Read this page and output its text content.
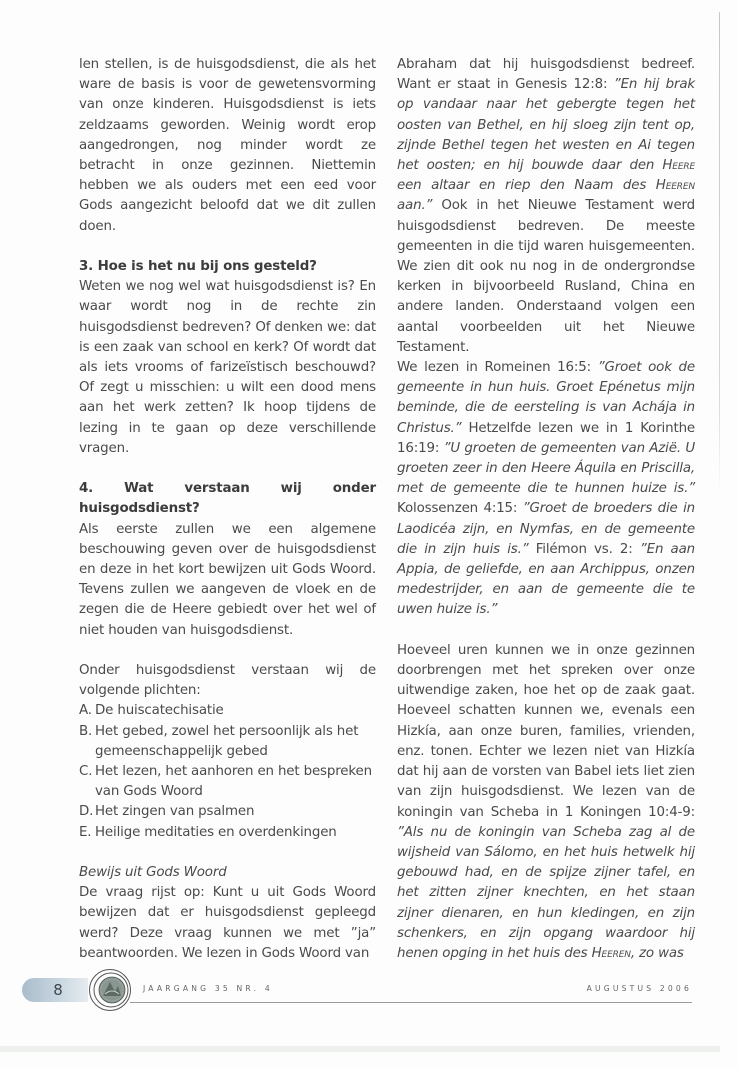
len stellen, is de huisgodsdienst, die als het ware de basis is voor de gewetensvorming van onze kinderen. Huisgodsdienst is iets zeldzaams geworden. Weinig wordt erop aangedrongen, nog minder wordt ze betracht in onze gezinnen. Niettemin hebben we als ouders met een eed voor Gods aangezicht beloofd dat we dit zullen doen.

3. Hoe is het nu bij ons gesteld?

Weten we nog wel wat huisgodsdienst is? En waar wordt nog in de rechte zin huisgodsdienst bedreven? Of denken we: dat is een zaak van school en kerk? Of wordt dat als iets vrooms of farizeïstisch beschouwd? Of zegt u misschien: u wilt een dood mens aan het werk zetten? Ik hoop tijdens de lezing in te gaan op deze verschillende vragen.

4. Wat verstaan wij onder huisgodsdienst?

Als eerste zullen we een algemene beschouwing geven over de huisgodsdienst en deze in het kort bewijzen uit Gods Woord. Tevens zullen we aangeven de vloek en de zegen die de Heere gebiedt over het wel of niet houden van huisgodsdienst.

Onder huisgodsdienst verstaan wij de volgende plichten:

A. De huiscatechisatie
B. Het gebed, zowel het persoonlijk als het gemeenschappelijk gebed
C. Het lezen, het aanhoren en het bespreken van Gods Woord
D. Het zingen van psalmen
E. Heilige meditaties en overdenkingen

Bewijs uit Gods Woord

De vraag rijst op: Kunt u uit Gods Woord bewijzen dat er huisgodsdienst gepleegd werd? Deze vraag kunnen we met ”ja” beantwoorden. We lezen in Gods Woord van

Abraham dat hij huisgodsdienst bedreef. Want er staat in Genesis 12:8: ”En hij brak op vandaar naar het gebergte tegen het oosten van Bethel, en hij sloeg zijn tent op, zijnde Bethel tegen het westen en Ai tegen het oosten; en hij bouwde daar den Heere een altaar en riep den Naam des Heeren aan.” Ook in het Nieuwe Testament werd huisgodsdienst bedreven. De meeste gemeenten in die tijd waren huisgemeenten. We zien dit ook nu nog in de ondergrondse kerken in bijvoorbeeld Rusland, China en andere landen. Onderstaand volgen een aantal voorbeelden uit het Nieuwe Testament.

We lezen in Romeinen 16:5: ”Groet ook de gemeente in hun huis. Groet Epénetus mijn beminde, die de eersteling is van Achája in Christus.” Hetzelfde lezen we in 1 Korinthe 16:19: ”U groeten de gemeenten van Azië. U groeten zeer in den Heere Áquila en Priscilla, met de gemeente die te hunnen huize is.” Kolossenzen 4:15: ”Groet de broeders die in Laodicéa zijn, en Nymfas, en de gemeente die in zijn huis is.” Filémon vs. 2: ”En aan Appia, de geliefde, en aan Archippus, onzen medestrijder, en aan de gemeente die te uwen huize is.”

Hoeveel uren kunnen we in onze gezinnen doorbrengen met het spreken over onze uitwendige zaken, hoe het op de zaak gaat. Hoeveel schatten kunnen we, evenals een Hizkía, aan onze buren, families, vrienden, enz. tonen. Echter we lezen niet van Hizkía dat hij aan de vorsten van Babel iets liet zien van zijn huisgodsdienst. We lezen van de koningin van Scheba in 1 Koningen 10:4-9: ”Als nu de koningin van Scheba zag al de wijsheid van Sálomo, en het huis hetwelk hij gebouwd had, en de spijze zijner tafel, en het zitten zijner knechten, en het staan zijner dienaren, en hun kledingen, en zijn schenkers, en zijn opgang waardoor hij henen opging in het huis des Heeren, zo was

8	JAARGANG 35 NR. 4	AUGUSTUS 2006
